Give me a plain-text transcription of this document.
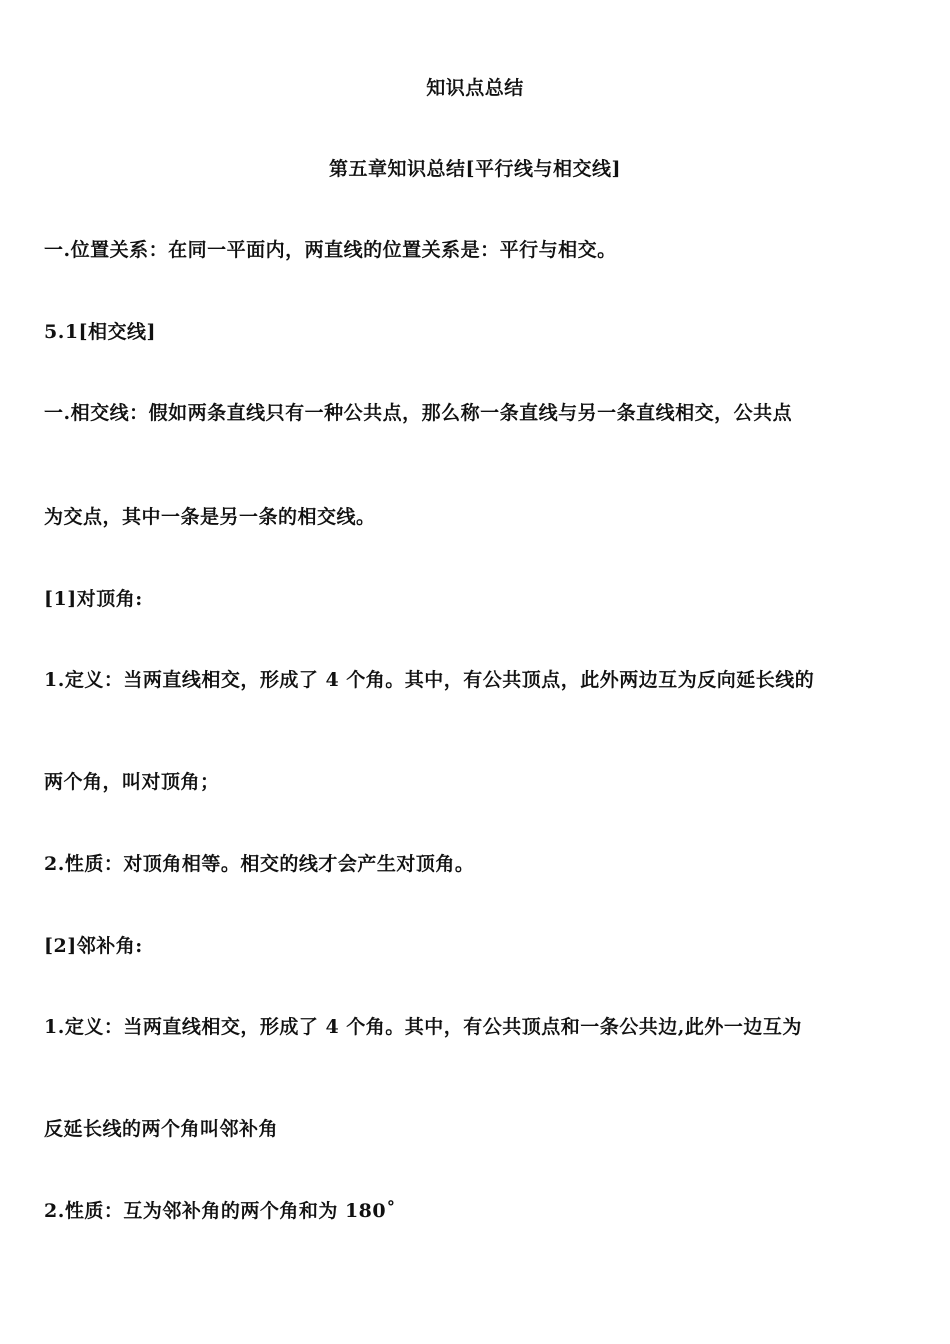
知识点总结
第五章知识总结[平行线与相交线]
一.位置关系：在同一平面内，两直线的位置关系是：平行与相交。
5.1[相交线]
一.相交线：假如两条直线只有一种公共点，那么称一条直线与另一条直线相交，公共点
为交点，其中一条是另一条的相交线。
[1]对顶角:
1.定义：当两直线相交，形成了 4 个角。其中，有公共顶点，此外两边互为反向延长线的
两个角，叫对顶角；
2.性质：对顶角相等。相交的线才会产生对顶角。
[2]邻补角:
1.定义：当两直线相交，形成了 4 个角。其中，有公共顶点和一条公共边,此外一边互为
反延长线的两个角叫邻补角
2.性质：互为邻补角的两个角和为 180˚
